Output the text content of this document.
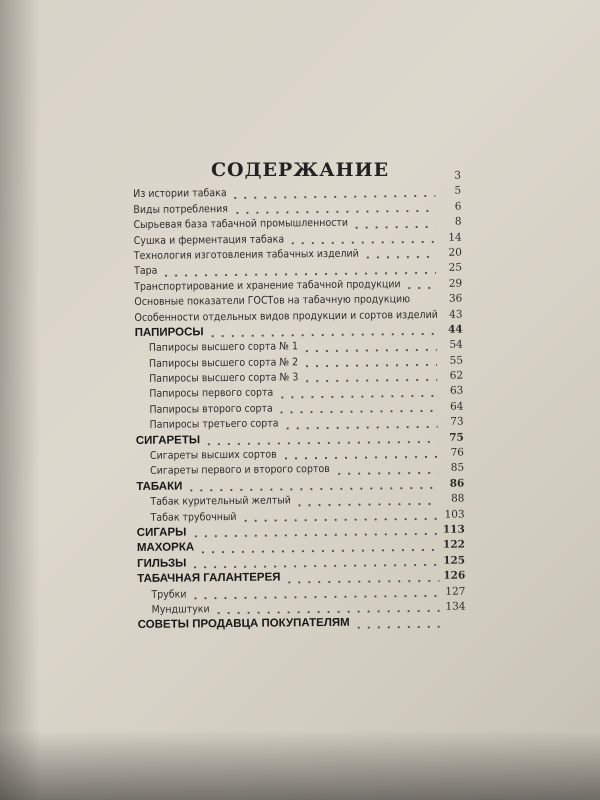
СОДЕРЖАНИЕ	3
Из истории табака	5
Виды потребления	6
Сырьевая база табачной промышленности	8
Сушка и ферментация табака	14
Технология изготовления табачных изделий	20
Тара	25
Транспортирование и хранение табачной продукции	29
Основные показатели ГОСТов на табачную продукцию	36
Особенности отдельных видов продукции и сортов изделий	43
ПАПИРОСЫ	44
Папиросы высшего сорта № 1	54
Папиросы высшего сорта № 2	55
Папиросы высшего сорта № 3	62
Папиросы первого сорта	63
Папиросы второго сорта	64
Папиросы третьего сорта	73
СИГАРЕТЫ	75
Сигареты высших сортов	76
Сигареты первого и второго сортов	85
ТАБАКИ	86
Табак курительный желтый	88
Табак трубочный	103
СИГАРЫ	113
МАХОРКА	122
ГИЛЬЗЫ	125
ТАБАЧНАЯ ГАЛАНТЕРЕЯ	126
Трубки	127
Мундштуки	134
СОВЕТЫ ПРОДАВЦА ПОКУПАТЕЛЯМ
